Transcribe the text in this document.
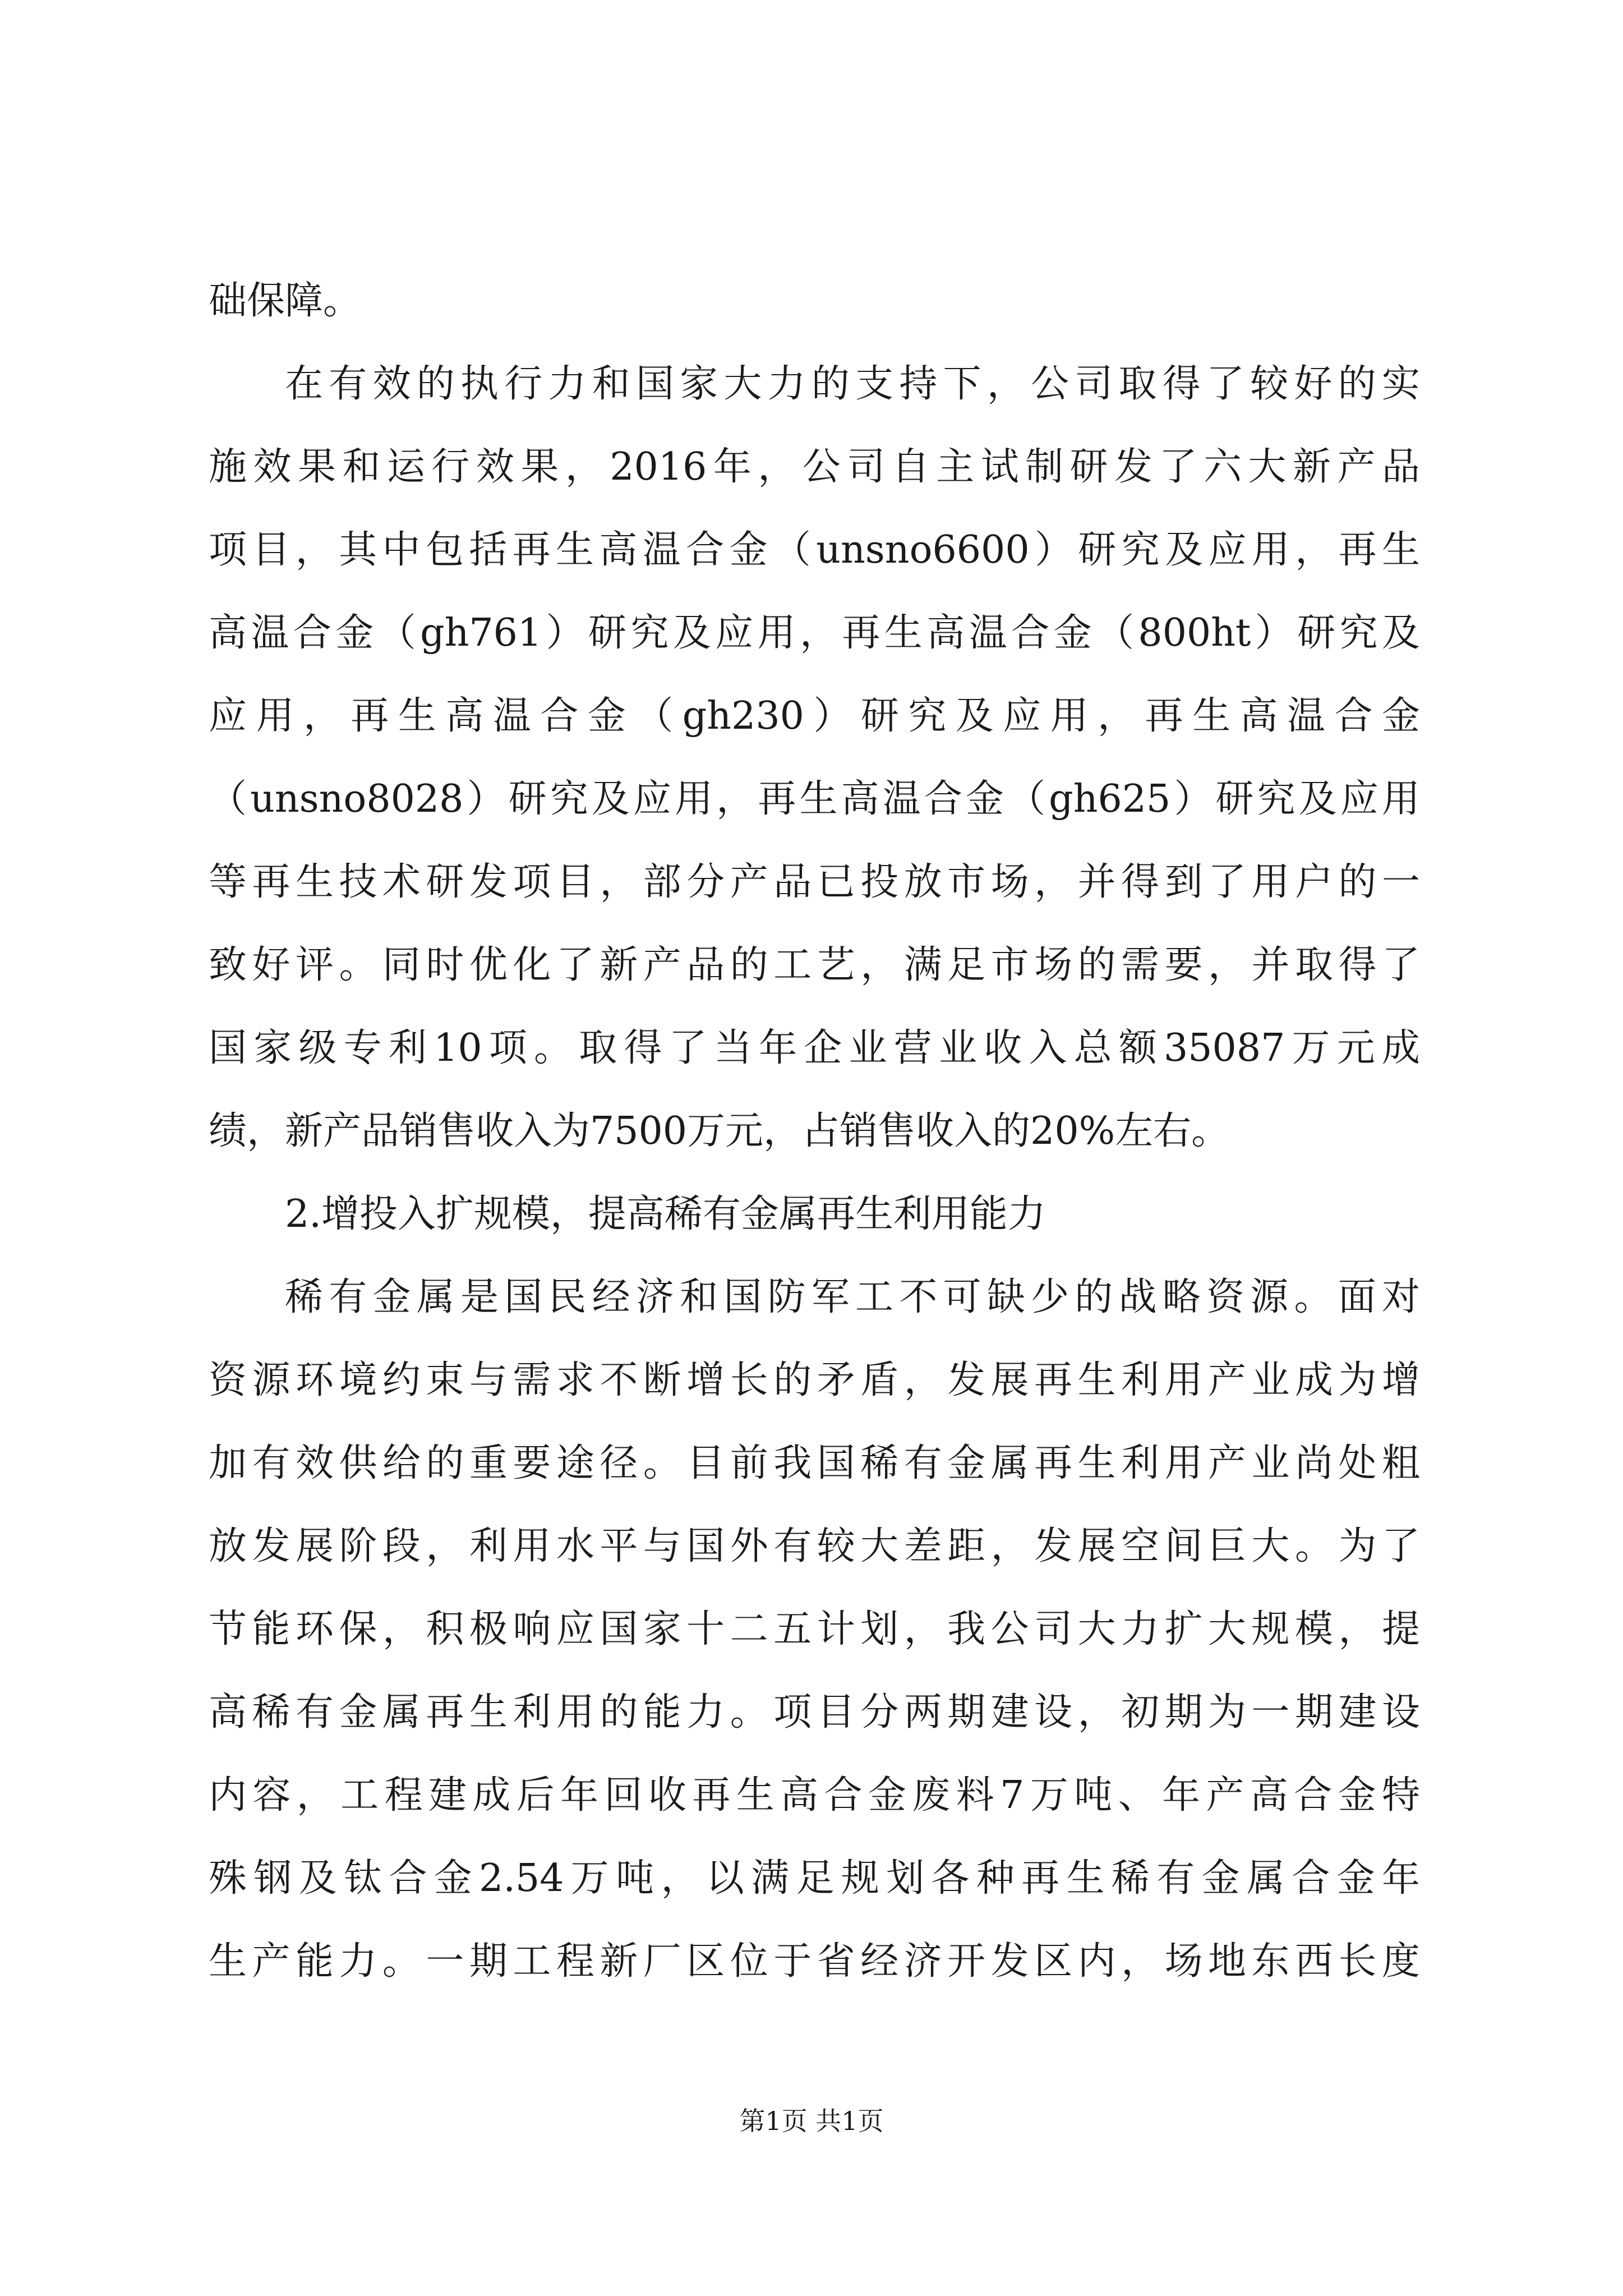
础保障。
在有效的执行力和国家大力的支持下，公司取得了较好的实
施效果和运行效果，2016年，公司自主试制研发了六大新产品
项目，其中包括再生高温合金（unsno6600）研究及应用，再生
高温合金（gh761）研究及应用，再生高温合金（800ht）研究及
应用，再生高温合金（gh230）研究及应用，再生高温合金
（unsno8028）研究及应用，再生高温合金（gh625）研究及应用
等再生技术研发项目，部分产品已投放市场，并得到了用户的一
致好评。同时优化了新产品的工艺，满足市场的需要，并取得了
国家级专利10项。取得了当年企业营业收入总额35087万元成
绩，新产品销售收入为7500万元，占销售收入的20%左右。
2.增投入扩规模，提高稀有金属再生利用能力
稀有金属是国民经济和国防军工不可缺少的战略资源。面对
资源环境约束与需求不断增长的矛盾，发展再生利用产业成为增
加有效供给的重要途径。目前我国稀有金属再生利用产业尚处粗
放发展阶段，利用水平与国外有较大差距，发展空间巨大。为了
节能环保，积极响应国家十二五计划，我公司大力扩大规模，提
高稀有金属再生利用的能力。项目分两期建设，初期为一期建设
内容，工程建成后年回收再生高合金废料7万吨、年产高合金特
殊钢及钛合金2.54万吨，以满足规划各种再生稀有金属合金年
生产能力。一期工程新厂区位于省经济开发区内，场地东西长度
第1页 共1页
